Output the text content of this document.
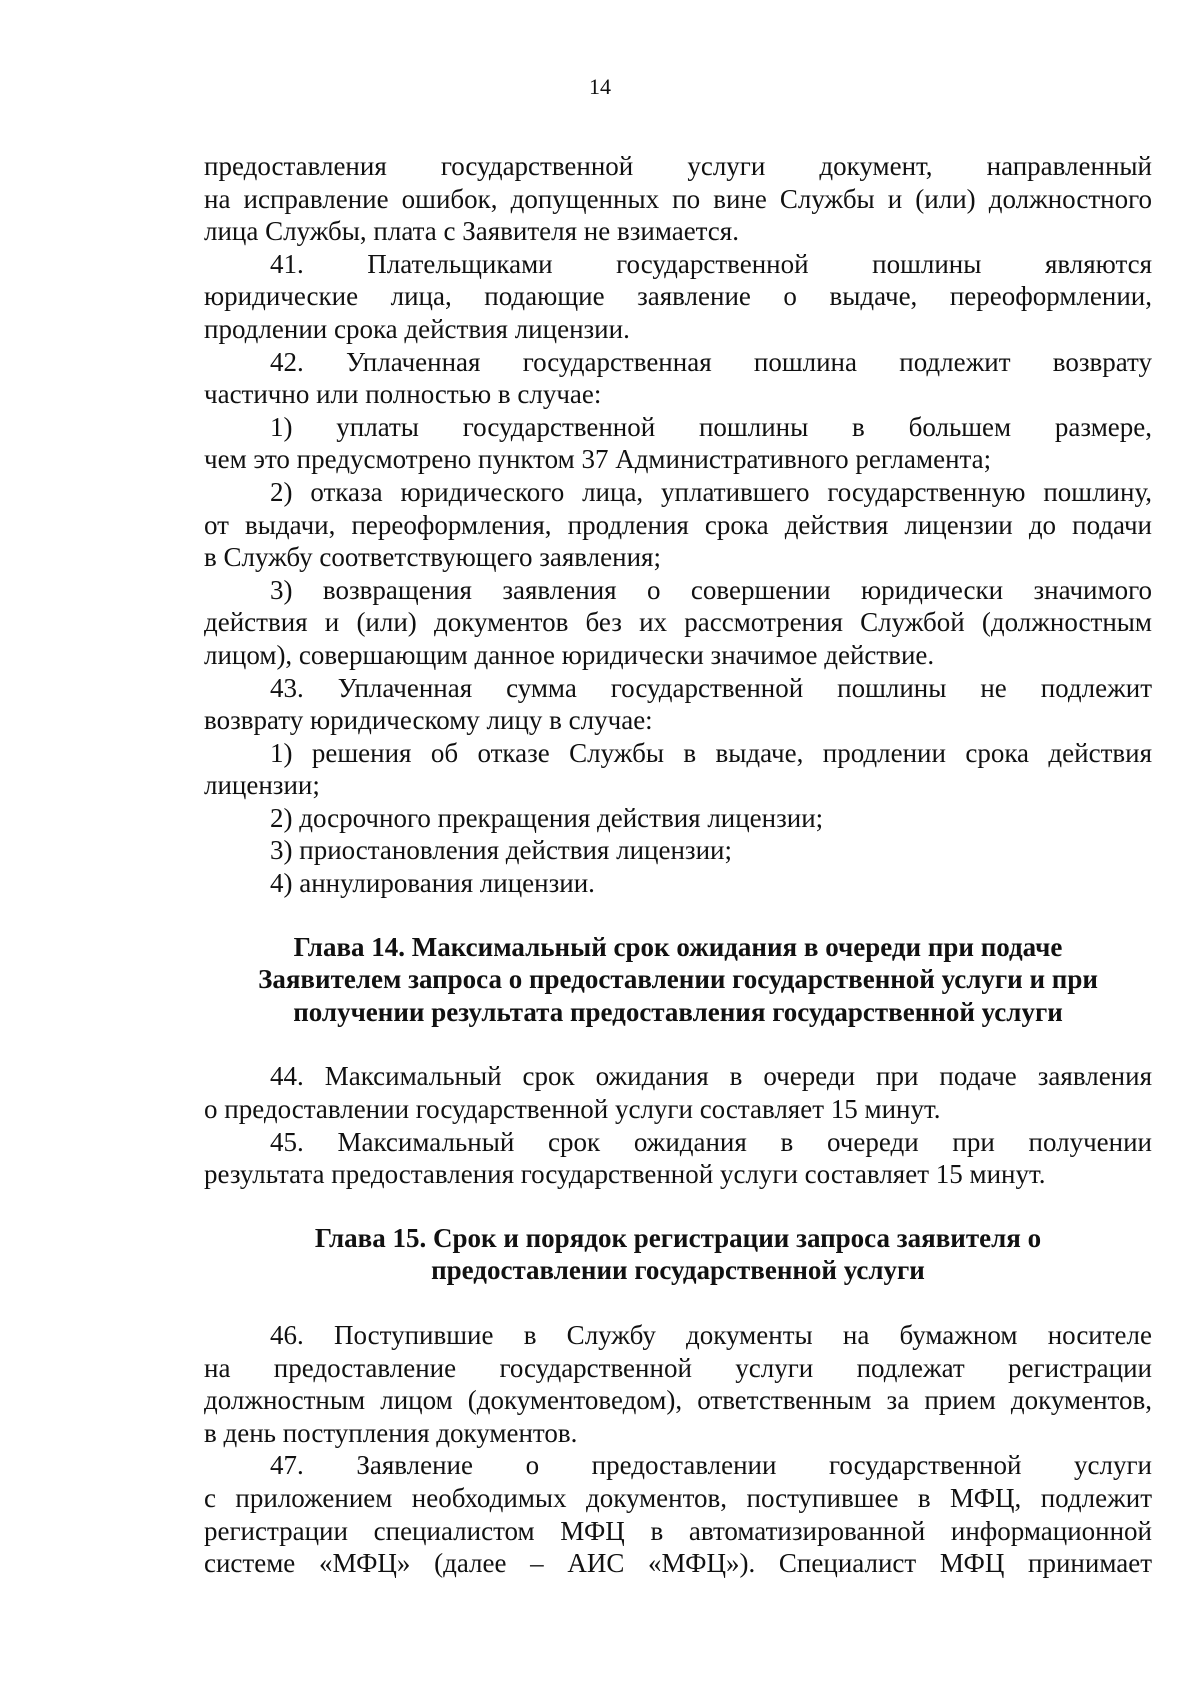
14
предоставления государственной услуги документ, направленный
на исправление ошибок, допущенных по вине Службы и (или) должностного
лица Службы, плата с Заявителя не взимается.
41. Плательщиками государственной пошлины являются
юридические лица, подающие заявление о выдаче, переоформлении,
продлении срока действия лицензии.
42. Уплаченная государственная пошлина подлежит возврату
частично или полностью в случае:
1) уплаты государственной пошлины в большем размере,
чем это предусмотрено пунктом 37 Административного регламента;
2) отказа юридического лица, уплатившего государственную пошлину,
от выдачи, переоформления, продления срока действия лицензии до подачи
в Службу соответствующего заявления;
3) возвращения заявления о совершении юридически значимого
действия и (или) документов без их рассмотрения Службой (должностным
лицом), совершающим данное юридически значимое действие.
43. Уплаченная сумма государственной пошлины не подлежит
возврату юридическому лицу в случае:
1) решения об отказе Службы в выдаче, продлении срока действия
лицензии;
2) досрочного прекращения действия лицензии;
3) приостановления действия лицензии;
4) аннулирования лицензии.
Глава 14. Максимальный срок ожидания в очереди при подаче
Заявителем запроса о предоставлении государственной услуги и при
получении результата предоставления государственной услуги
44. Максимальный срок ожидания в очереди при подаче заявления
о предоставлении государственной услуги составляет 15 минут.
45. Максимальный срок ожидания в очереди при получении
результата предоставления государственной услуги составляет 15 минут.
Глава 15. Срок и порядок регистрации запроса заявителя о
предоставлении государственной услуги
46. Поступившие в Службу документы на бумажном носителе
на предоставление государственной услуги подлежат регистрации
должностным лицом (документоведом), ответственным за прием документов,
в день поступления документов.
47. Заявление о предоставлении государственной услуги
с приложением необходимых документов, поступившее в МФЦ, подлежит
регистрации специалистом МФЦ в автоматизированной информационной
системе «МФЦ» (далее – АИС «МФЦ»). Специалист МФЦ принимает
